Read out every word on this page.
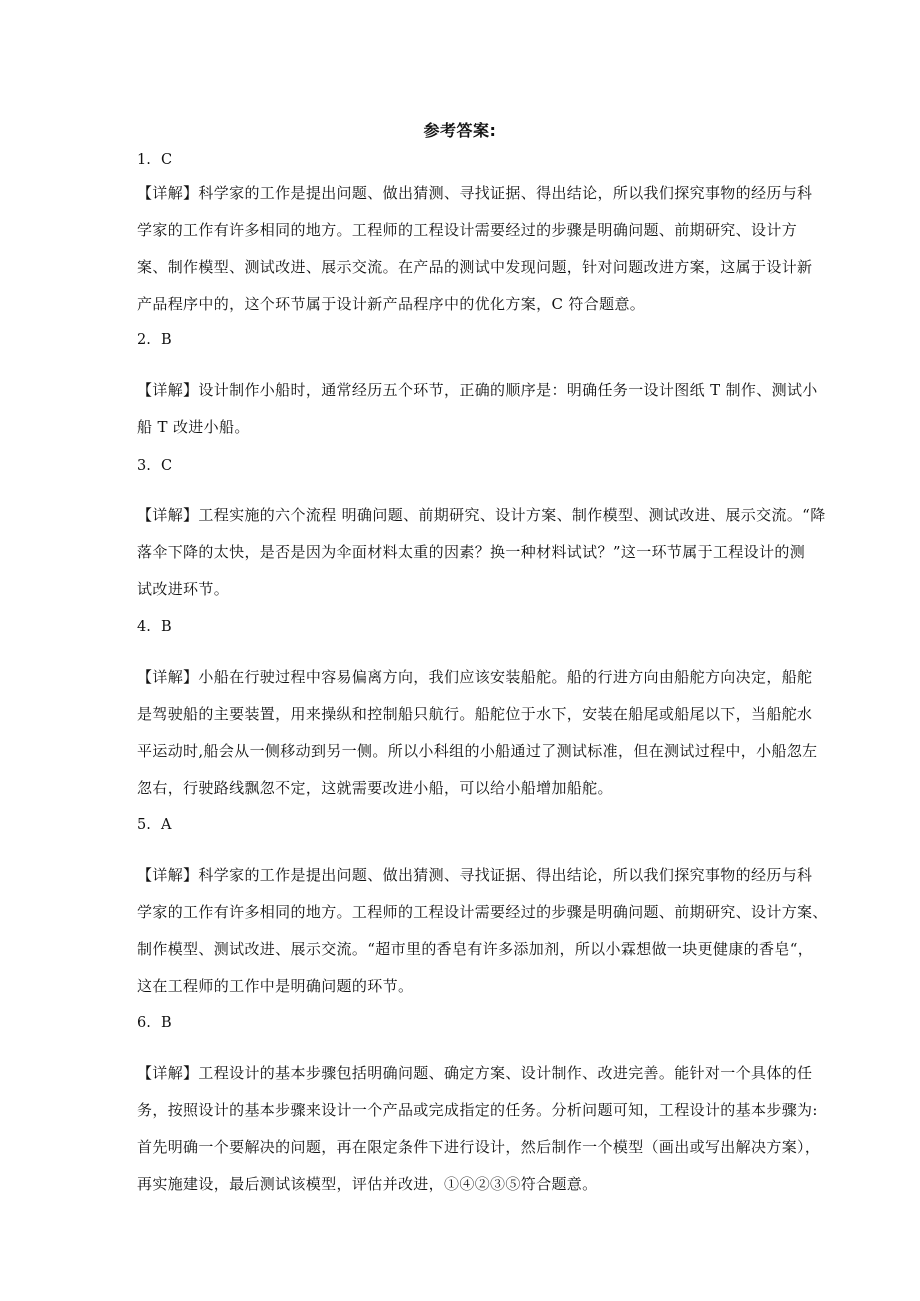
参考答案:
1. C
【详解】科学家的工作是提出问题、做出猜测、寻找证据、得出结论，所以我们探究事物的经历与科
学家的工作有许多相同的地方。工程师的工程设计需要经过的步骤是明确问题、前期研究、设计方
案、制作模型、测试改进、展示交流。在产品的测试中发现问题，针对问题改进方案，这属于设计新
产品程序中的，这个环节属于设计新产品程序中的优化方案，C 符合题意。
2. B
【详解】设计制作小船时，通常经历五个环节，正确的顺序是：明确任务一设计图纸 T 制作、测试小
船 T 改进小船。
3. C
【详解】工程实施的六个流程 明确问题、前期研究、设计方案、制作模型、测试改进、展示交流。“降
落伞下降的太快，是否是因为伞面材料太重的因素？换一种材料试试？”这一环节属于工程设计的测
试改进环节。
4. B
【详解】小船在行驶过程中容易偏离方向，我们应该安装船舵。船的行进方向由船舵方向决定，船舵
是驾驶船的主要装置，用来操纵和控制船只航行。船舵位于水下，安装在船尾或船尾以下，当船舵水
平运动时,船会从一侧移动到另一侧。所以小科组的小船通过了测试标准，但在测试过程中，小船忽左
忽右，行驶路线飘忽不定，这就需要改进小船，可以给小船增加船舵。
5. A
【详解】科学家的工作是提出问题、做出猜测、寻找证据、得出结论，所以我们探究事物的经历与科
学家的工作有许多相同的地方。工程师的工程设计需要经过的步骤是明确问题、前期研究、设计方案、
制作模型、测试改进、展示交流。“超市里的香皂有许多添加剂，所以小霖想做一块更健康的香皂“，
这在工程师的工作中是明确问题的环节。
6. B
【详解】工程设计的基本步骤包括明确问题、确定方案、设计制作、改进完善。能针对一个具体的任
务，按照设计的基本步骤来设计一个产品或完成指定的任务。分析问题可知，工程设计的基本步骤为:
首先明确一个要解决的问题，再在限定条件下进行设计，然后制作一个模型（画出或写出解决方案），
再实施建设，最后测试该模型，评估并改进，①④②③⑤符合题意。
